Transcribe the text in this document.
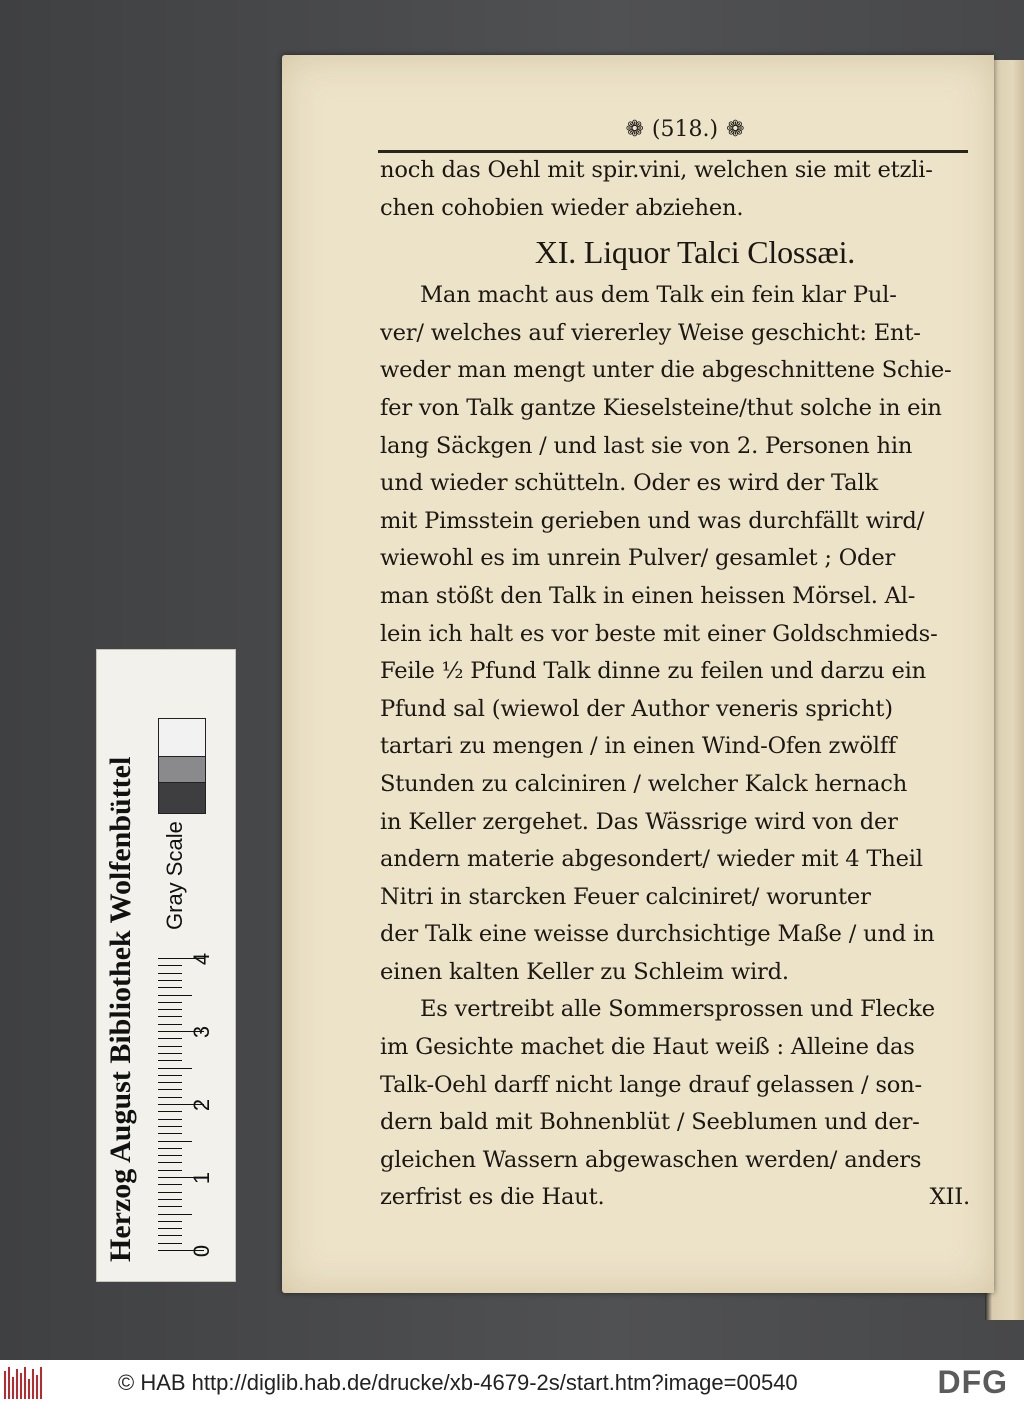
❁ (518.) ❁
noch das Oehl mit spir.vini, welchen sie mit etzli-
chen cohobien wieder abziehen.
XI. Liquor Talci Clossæi.
Man macht aus dem Talk ein fein klar Pul-
ver/ welches auf viererley Weise geschicht: Ent-
weder man mengt unter die abgeschnittene Schie-
fer von Talk gantze Kieselsteine/thut solche in ein
lang Säckgen / und last sie von 2. Personen hin
und wieder schütteln. Oder es wird der Talk
mit Pimsstein gerieben und was durchfällt wird/
wiewohl es im unrein Pulver/ gesamlet ; Oder
man stößt den Talk in einen heissen Mörsel. Al-
lein ich halt es vor beste mit einer Goldschmieds-
Feile ½ Pfund Talk dinne zu feilen und darzu ein
Pfund sal (wiewol der Author veneris spricht)
tartari zu mengen / in einen Wind-Ofen zwölff
Stunden zu calciniren / welcher Kalck hernach
in Keller zergehet. Das Wässrige wird von der
andern materie abgesondert/ wieder mit 4 Theil
Nitri in starcken Feuer calciniret/ worunter
der Talk eine weisse durchsichtige Maße / und in
einen kalten Keller zu Schleim wird.
Es vertreibt alle Sommersprossen und Flecke
im Gesichte machet die Haut weiß : Alleine das
Talk-Oehl darff nicht lange drauf gelassen / son-
dern bald mit Bohnenblüt / Seeblumen und der-
gleichen Wassern abgewaschen werden/ anders
zerfrist es die Haut.	XII.
Herzog August Bibliothek Wolfenbüttel Gray Scale
0
1
2
3
4
© HAB http://diglib.hab.de/drucke/xb-4679-2s/start.htm?image=00540	DFG
